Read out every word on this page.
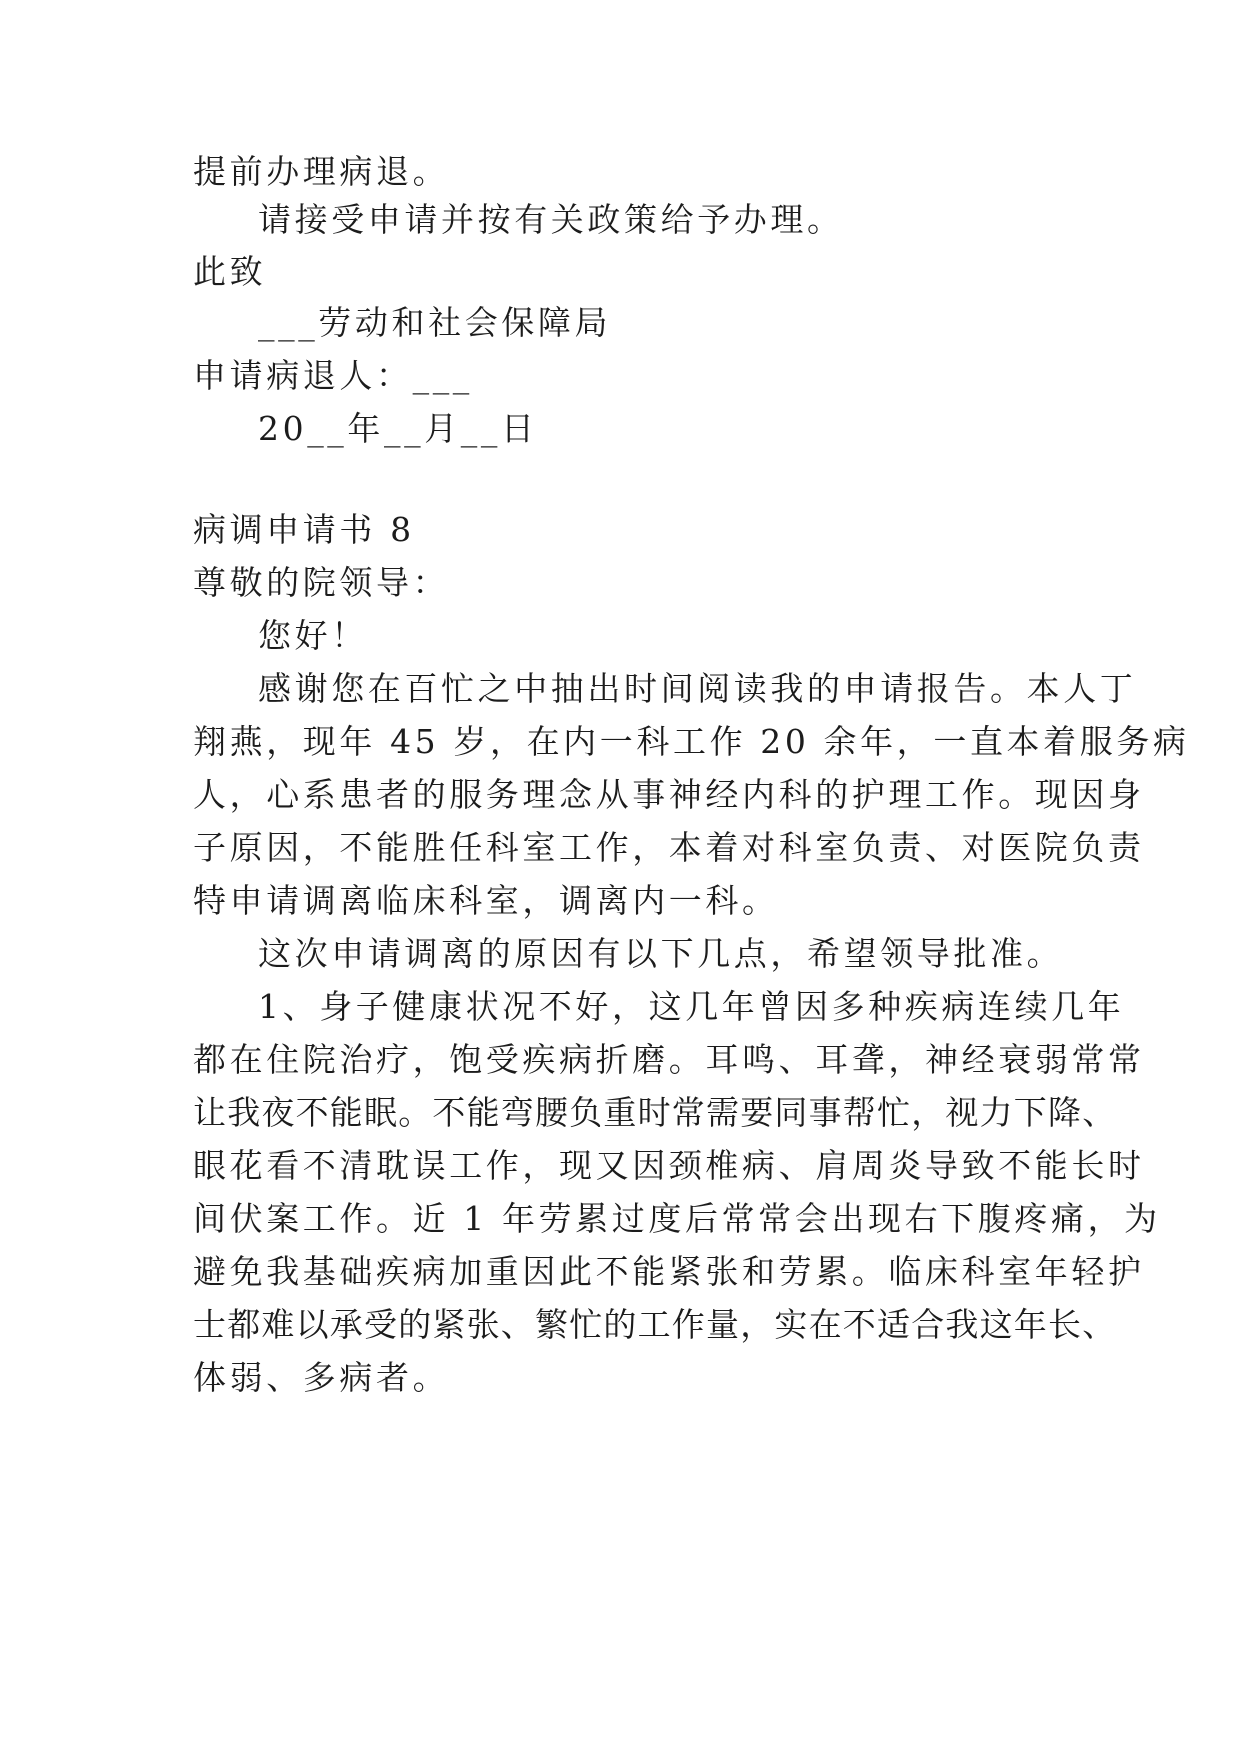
提前办理病退。
请接受申请并按有关政策给予办理。
此致
___劳动和社会保障局
申请病退人：___
20__年__月__日
病调申请书 8
尊敬的院领导：
您好！
感谢您在百忙之中抽出时间阅读我的申请报告。本人丁
翔燕，现年 45 岁，在内一科工作 20 余年，一直本着服务病
人，心系患者的服务理念从事神经内科的护理工作。现因身
子原因，不能胜任科室工作，本着对科室负责、对医院负责
特申请调离临床科室，调离内一科。
这次申请调离的原因有以下几点，希望领导批准。
1、身子健康状况不好，这几年曾因多种疾病连续几年
都在住院治疗，饱受疾病折磨。耳鸣、耳聋，神经衰弱常常
让我夜不能眠。不能弯腰负重时常需要同事帮忙，视力下降、
眼花看不清耽误工作，现又因颈椎病、肩周炎导致不能长时
间伏案工作。近 1 年劳累过度后常常会出现右下腹疼痛，为
避免我基础疾病加重因此不能紧张和劳累。临床科室年轻护
士都难以承受的紧张、繁忙的工作量，实在不适合我这年长、
体弱、多病者。
